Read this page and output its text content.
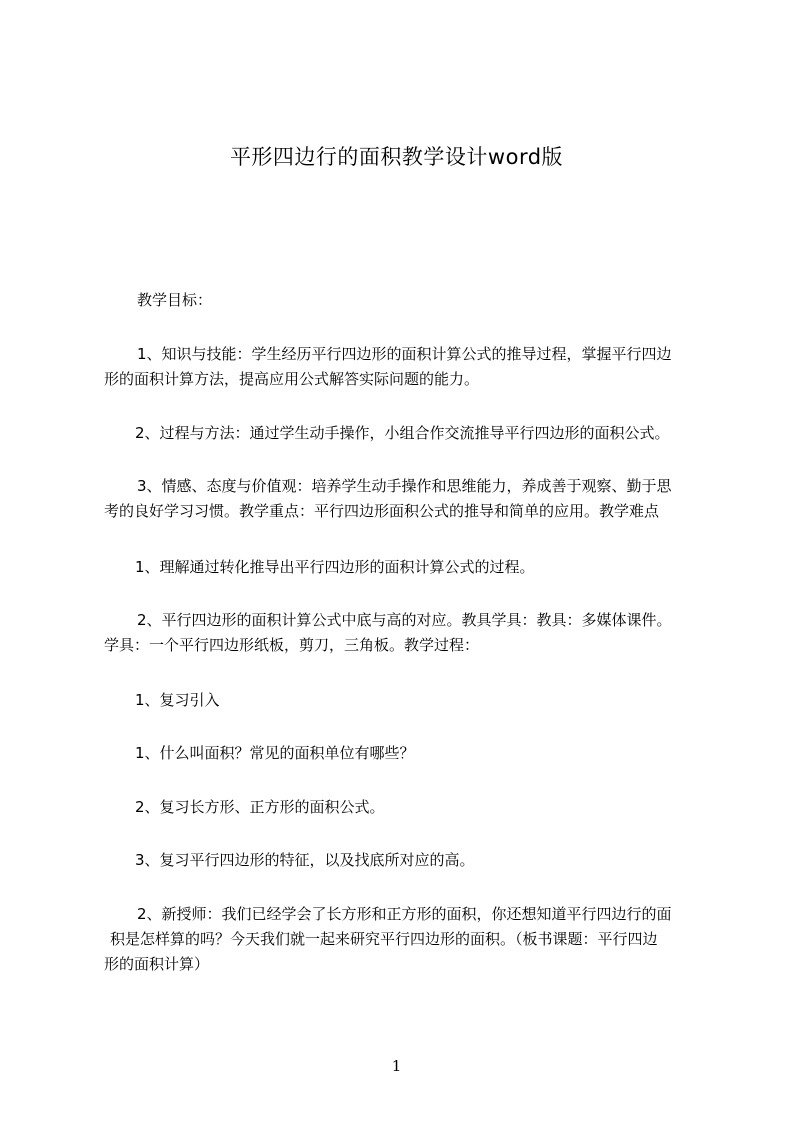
平形四边行的面积教学设计word版

教学目标：

1、知识与技能：学生经历平行四边形的面积计算公式的推导过程，掌握平行四边
形的面积计算方法，提高应用公式解答实际问题的能力。

2、过程与方法：通过学生动手操作，小组合作交流推导平行四边形的面积公式。

3、情感、态度与价值观：培养学生动手操作和思维能力，养成善于观察、勤于思
考的良好学习习惯。教学重点：平行四边形面积公式的推导和简单的应用。教学难点

1、理解通过转化推导出平行四边形的面积计算公式的过程。

2、平行四边形的面积计算公式中底与高的对应。教具学具：教具：多媒体课件。
学具：一个平行四边形纸板，剪刀，三角板。教学过程：

1、复习引入

1、什么叫面积？常见的面积单位有哪些？

2、复习长方形、正方形的面积公式。

3、复习平行四边形的特征，以及找底所对应的高。

2、新授师：我们已经学会了长方形和正方形的面积，你还想知道平行四边行的面
积是怎样算的吗？今天我们就一起来研究平行四边形的面积。（板书课题：平行四边
形的面积计算）

1
